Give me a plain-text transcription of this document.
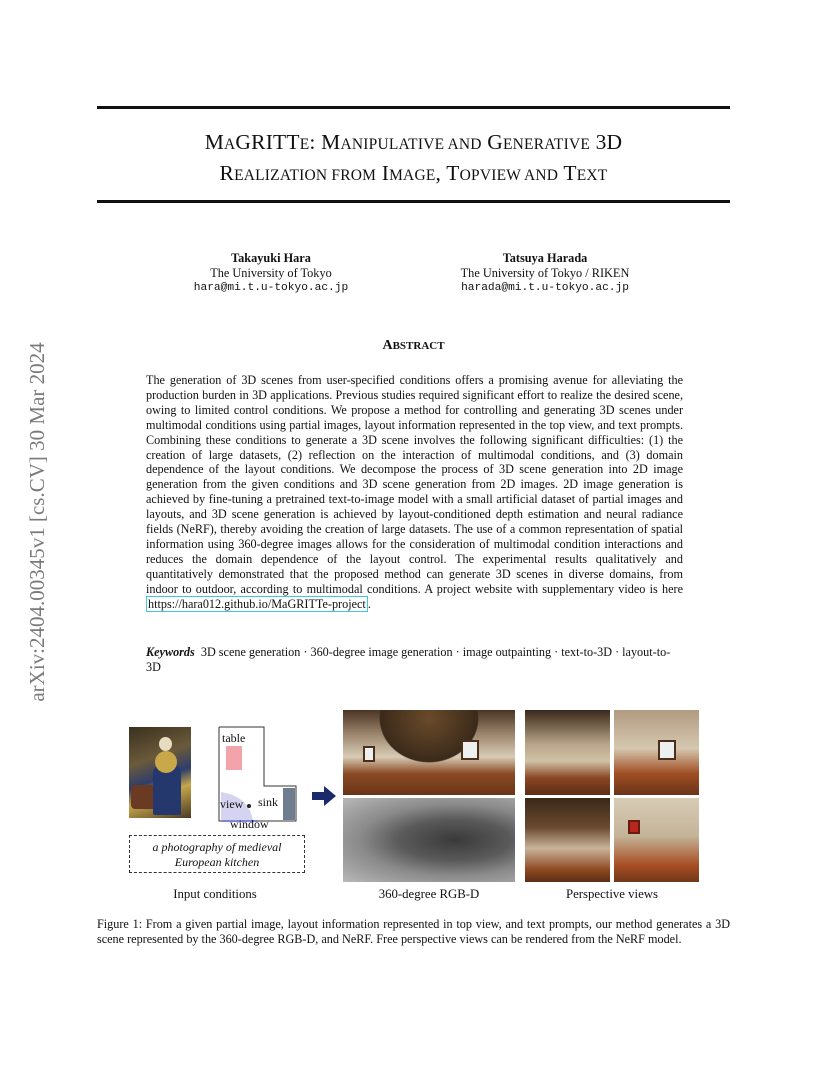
arXiv:2404.00345v1 [cs.CV] 30 Mar 2024
MAGRITTE: MANIPULATIVE AND GENERATIVE 3D
REALIZATION FROM IMAGE, TOPVIEW AND TEXT
Takayuki Hara
The University of Tokyo
hara@mi.t.u-tokyo.ac.jp
Tatsuya Harada
The University of Tokyo / RIKEN
harada@mi.t.u-tokyo.ac.jp
ABSTRACT
The generation of 3D scenes from user-specified conditions offers a promising avenue for alleviating the production burden in 3D applications. Previous studies required significant effort to realize the desired scene, owing to limited control conditions. We propose a method for controlling and generating 3D scenes under multimodal conditions using partial images, layout information represented in the top view, and text prompts. Combining these conditions to generate a 3D scene involves the following significant difficulties: (1) the creation of large datasets, (2) reflection on the interaction of multimodal conditions, and (3) domain dependence of the layout conditions. We decompose the process of 3D scene generation into 2D image generation from the given conditions and 3D scene generation from 2D images. 2D image generation is achieved by fine-tuning a pretrained text-to-image model with a small artificial dataset of partial images and layouts, and 3D scene generation is achieved by layout-conditioned depth estimation and neural radiance fields (NeRF), thereby avoiding the creation of large datasets. The use of a common representation of spatial information using 360-degree images allows for the consideration of multimodal condition interactions and reduces the domain dependence of the layout control. The experimental results qualitatively and quantitatively demonstrated that the proposed method can generate 3D scenes in diverse domains, from indoor to outdoor, according to multimodal conditions. A project website with supplementary video is here https://hara012.github.io/MaGRITTe-project .
Keywords 3D scene generation · 360-degree image generation · image outpainting · text-to-3D · layout-to-3D
table
view sink
window
a photography of medieval
European kitchen
Input conditions	360-degree RGB-D	Perspective views
Figure 1: From a given partial image, layout information represented in top view, and text prompts, our method generates a 3D scene represented by the 360-degree RGB-D, and NeRF. Free perspective views can be rendered from the NeRF model.
